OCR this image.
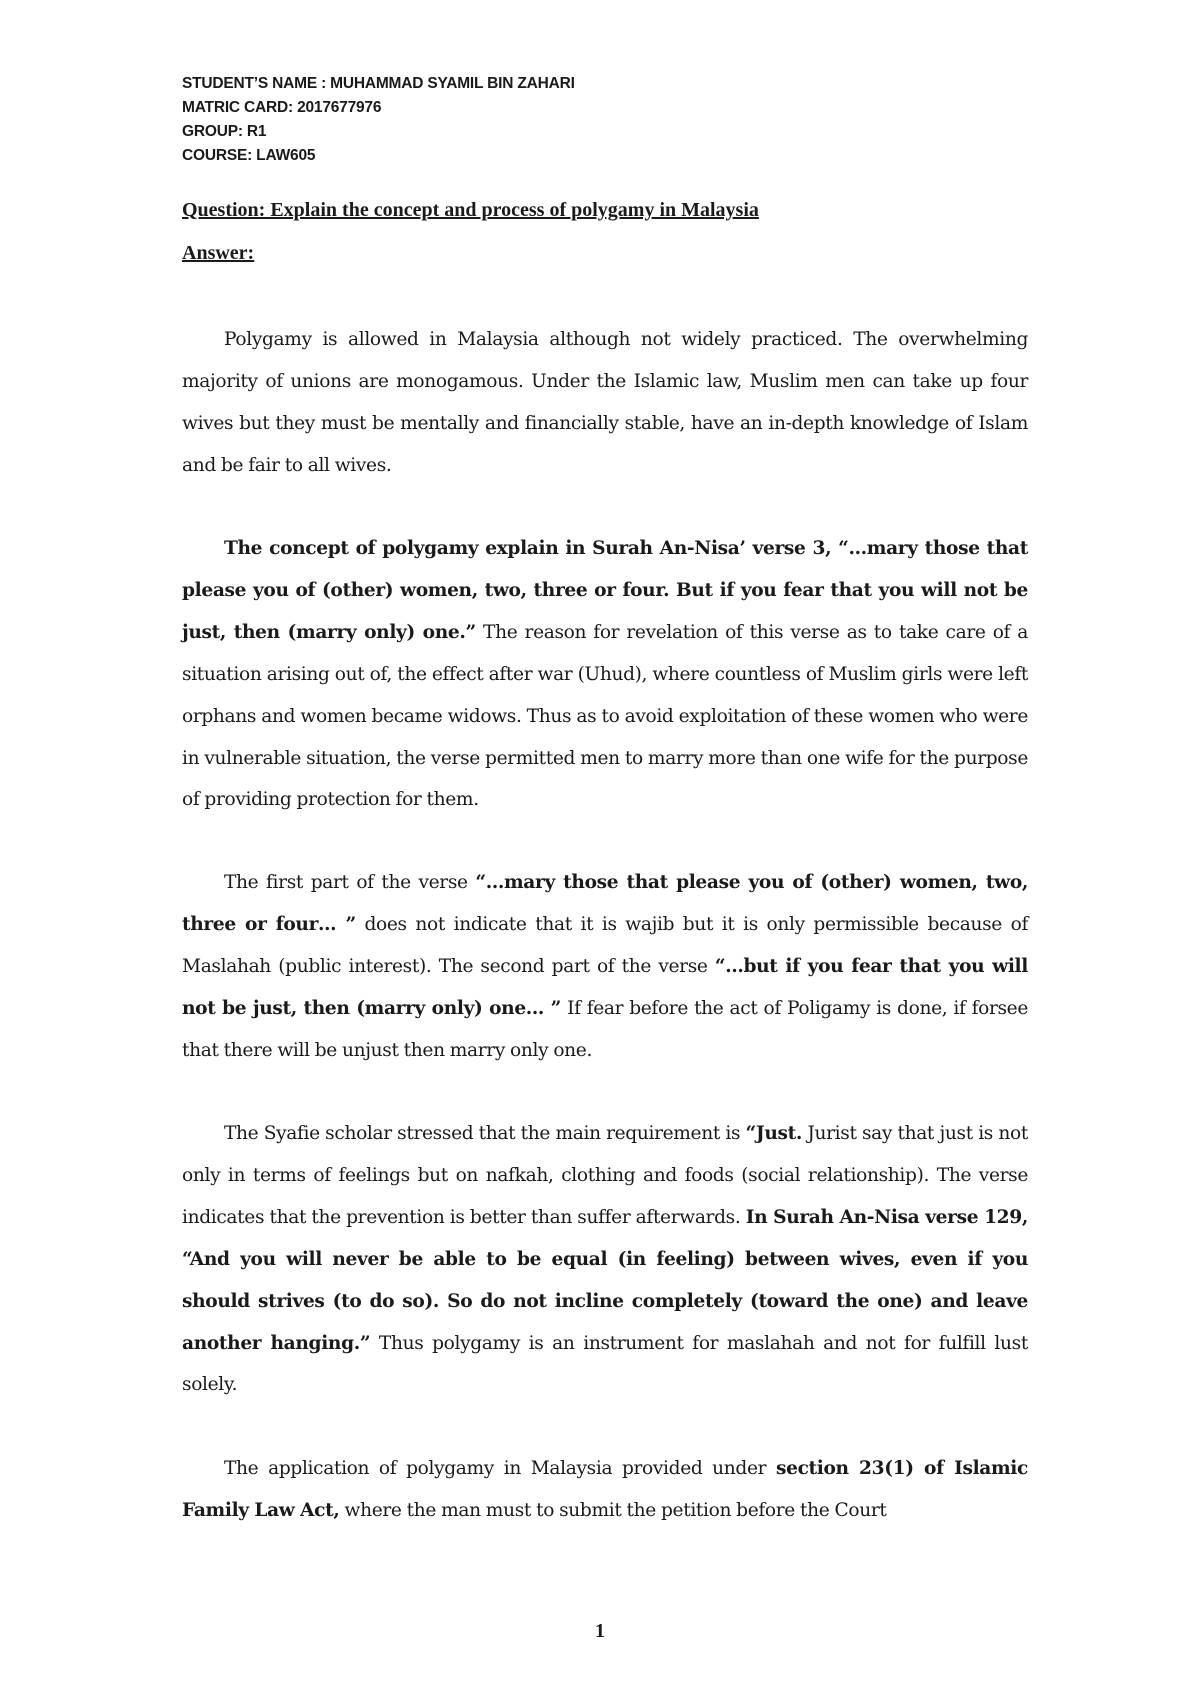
STUDENT’S NAME : MUHAMMAD SYAMIL BIN ZAHARI
MATRIC CARD: 2017677976
GROUP: R1
COURSE: LAW605
Question: Explain the concept and process of polygamy in Malaysia
Answer:

Polygamy is allowed in Malaysia although not widely practiced. The overwhelming majority of unions are monogamous. Under the Islamic law, Muslim men can take up four wives but they must be mentally and financially stable, have an in-depth knowledge of Islam and be fair to all wives.

The concept of polygamy explain in Surah An-Nisa’ verse 3, “…mary those that please you of (other) women, two, three or four. But if you fear that you will not be just, then (marry only) one.” The reason for revelation of this verse as to take care of a situation arising out of, the effect after war (Uhud), where countless of Muslim girls were left orphans and women became widows. Thus as to avoid exploitation of these women who were in vulnerable situation, the verse permitted men to marry more than one wife for the purpose of providing protection for them.

The first part of the verse “…mary those that please you of (other) women, two, three or four… ” does not indicate that it is wajib but it is only permissible because of Maslahah (public interest). The second part of the verse “…but if you fear that you will not be just, then (marry only) one… ” If fear before the act of Poligamy is done, if forsee that there will be unjust then marry only one.

The Syafie scholar stressed that the main requirement is “Just. Jurist say that just is not only in terms of feelings but on nafkah, clothing and foods (social relationship). The verse indicates that the prevention is better than suffer afterwards. In Surah An-Nisa verse 129, “And you will never be able to be equal (in feeling) between wives, even if you should strives (to do so). So do not incline completely (toward the one) and leave another hanging.” Thus polygamy is an instrument for maslahah and not for fulfill lust solely.

The application of polygamy in Malaysia provided under section 23(1) of Islamic Family Law Act, where the man must to submit the petition before the Court

1
